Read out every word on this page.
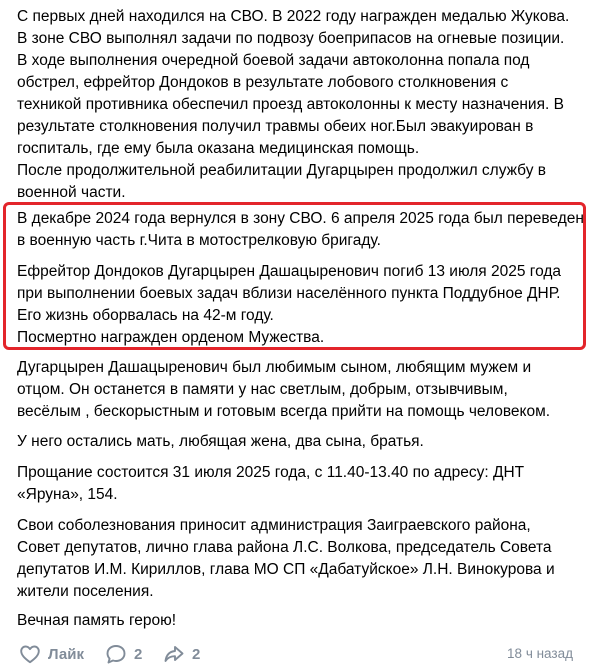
С первых дней находился на СВО. В 2022 году награжден медалью Жукова.
В зоне СВО выполнял задачи по подвозу боеприпасов на огневые позиции.
В ходе выполнения очередной боевой задачи автоколонна попала под
обстрел, ефрейтор Дондоков в результате лобового столкновения с
техникой противника обеспечил проезд автоколонны к месту назначения. В
результате столкновения получил травмы обеих ног.Был эвакуирован в
госпиталь, где ему была оказана медицинская помощь.
После продолжительной реабилитации Дугарцырен продолжил службу в
военной части.
В декабре 2024 года вернулся в зону СВО. 6 апреля 2025 года был переведен
в военную часть г.Чита в мотострелковую бригаду.
Ефрейтор Дондоков Дугарцырен Дашацыренович погиб 13 июля 2025 года
при выполнении боевых задач вблизи населённого пункта Поддубное ДНР.
Его жизнь оборвалась на 42-м году.
Посмертно награжден орденом Мужества.
Дугарцырен Дашацыренович был любимым сыном, любящим мужем и
отцом. Он останется в памяти у нас светлым, добрым, отзывчивым,
весёлым , бескорыстным и готовым всегда прийти на помощь человеком.
У него остались мать, любящая жена, два сына, братья.
Прощание состоится 31 июля 2025 года, с 11.40-13.40 по адресу: ДНТ
«Яруна», 154.
Свои соболезнования приносит администрация Заиграевского района,
Совет депутатов, лично глава района Л.С. Волкова, председатель Совета
депутатов И.М. Кириллов, глава МО СП «Дабатуйское» Л.Н. Винокурова и
жители поселения.
Вечная память герою!
Лайк	2	2	18 ч назад
